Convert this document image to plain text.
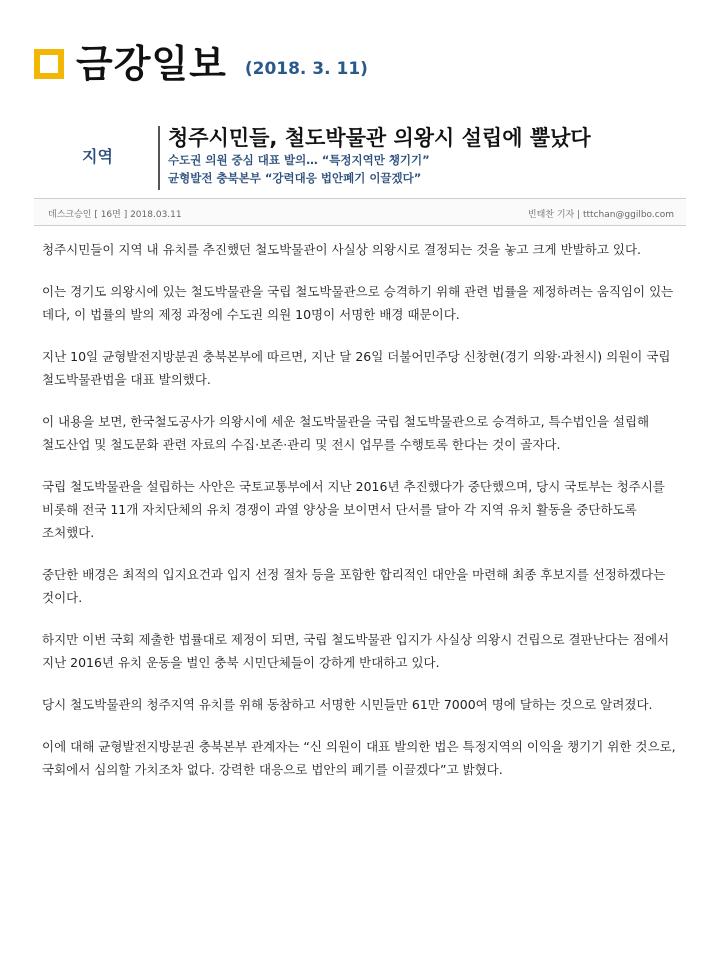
금강일보 (2018. 3. 11)
지역
청주시민들, 철도박물관 의왕시 설립에 뿔났다
수도권 의원 중심 대표 발의… “특정지역만 챙기기”
균형발전 충북본부 “강력대응 법안폐기 이끌겠다”
데스크승인 [ 16면 ] 2018.03.11	빈태찬 기자 | tttchan@ggilbo.com

청주시민들이 지역 내 유치를 추진했던 철도박물관이 사실상 의왕시로 결정되는 것을 놓고 크게 반발하고 있다.

이는 경기도 의왕시에 있는 철도박물관을 국립 철도박물관으로 승격하기 위해 관련 법률을 제정하려는 움직임이 있는 데다, 이 법률의 발의 제정 과정에 수도권 의원 10명이 서명한 배경 때문이다.

지난 10일 균형발전지방분권 충북본부에 따르면, 지난 달 26일 더불어민주당 신창현(경기 의왕·과천시) 의원이 국립 철도박물관법을 대표 발의했다.

이 내용을 보면, 한국철도공사가 의왕시에 세운 철도박물관을 국립 철도박물관으로 승격하고, 특수법인을 설립해 철도산업 및 철도문화 관련 자료의 수집·보존·관리 및 전시 업무를 수행토록 한다는 것이 골자다.

국립 철도박물관을 설립하는 사안은 국토교통부에서 지난 2016년 추진했다가 중단했으며, 당시 국토부는 청주시를 비롯해 전국 11개 자치단체의 유치 경쟁이 과열 양상을 보이면서 단서를 달아 각 지역 유치 활동을 중단하도록 조처했다.

중단한 배경은 최적의 입지요건과 입지 선정 절차 등을 포함한 합리적인 대안을 마련해 최종 후보지를 선정하겠다는 것이다.

하지만 이번 국회 제출한 법률대로 제정이 되면, 국립 철도박물관 입지가 사실상 의왕시 건립으로 결판난다는 점에서 지난 2016년 유치 운동을 벌인 충북 시민단체들이 강하게 반대하고 있다.

당시 철도박물관의 청주지역 유치를 위해 동참하고 서명한 시민들만 61만 7000여 명에 달하는 것으로 알려졌다.

이에 대해 균형발전지방분권 충북본부 관계자는 “신 의원이 대표 발의한 법은 특정지역의 이익을 챙기기 위한 것으로, 국회에서 심의할 가치조차 없다. 강력한 대응으로 법안의 폐기를 이끌겠다”고 밝혔다.
